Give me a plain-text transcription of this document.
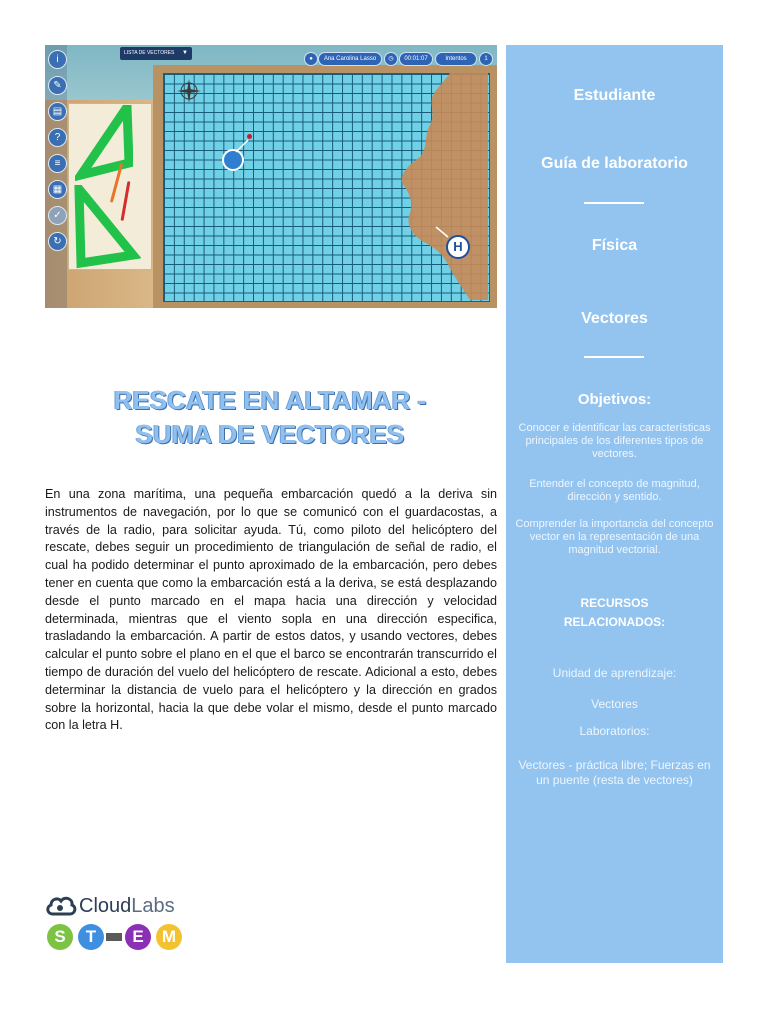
H
i
✎
▤
?
≡
▦
✓
↻
LISTA DE VECTORES ▼
●	Ana Carolina Lasso	◷	00:01:07	Intentos	1
Estudiante
Guía de laboratorio
Física
Vectores
Objetivos:
Conocer e identificar las características principales de los diferentes tipos de vectores.
Entender el concepto de magnitud, dirección y sentido.
Comprender la importancia del concepto vector en la representación de una magnitud vectorial.
RECURSOS
RELACIONADOS:
Unidad de aprendizaje:
Vectores
Laboratorios:
Vectores - práctica libre; Fuerzas en un puente (resta de vectores)
RESCATE EN ALTAMAR -
SUMA DE VECTORES
En una zona marítima, una pequeña embarcación quedó a la deriva sin instrumentos de navegación, por lo que se comunicó con el guardacostas, a través de la radio, para solicitar ayuda. Tú, como piloto del helicóptero del rescate, debes seguir un procedimiento de triangulación de señal de radio, el cual ha podido determinar el punto aproximado de la embarcación, pero debes tener en cuenta que como la embarcación está a la deriva, se está desplazando desde el punto marcado en el mapa hacia una dirección y velocidad determinada, mientras que el viento sopla en una dirección especifica, trasladando la embarcación. A partir de estos datos, y usando vectores, debes calcular el punto sobre el plano en el que el barco se encontrarán transcurrido el tiempo de duración del vuelo del helicóptero de rescate. Adicional a esto, debes determinar la distancia de vuelo para el helicóptero y la dirección en grados sobre la horizontal, hacia la que debe volar el mismo, desde el punto marcado con la letra H.
CloudLabs
S	T	E	M
